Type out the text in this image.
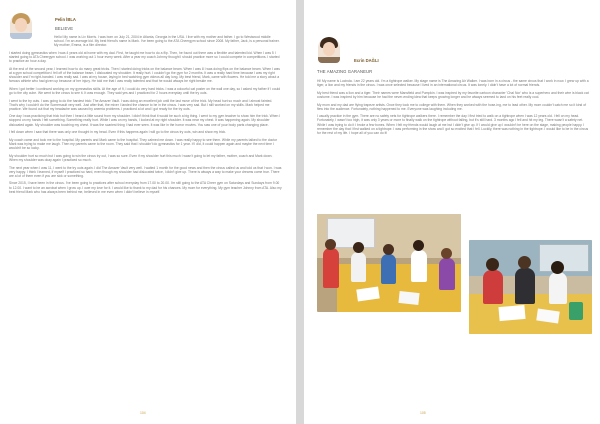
Pelin İBLA
BELIEVE

Hello! My name is Liv Morris. I was born on July 21, 2004 in Atlanta, Georgia in the USA. I live with my mother and father. I go to Westwood middle school. I'm an average kid. My best friend's name is Mark. I've been going to the ATA Cheergym school since 2008. My father, Jack, is a personal trainer. My mother, Emma, is a film director.

I started doing gymnastics when I was 4 years old at home with my dad. First, he taught me how to do a flip. Then, he found out there was a flexible and talented kid. When I was 5 I started going to ATA Cheergym school. I was working out 1 hour every week. After a year my coach Johnny thought I should practice more so I could compete in competitions. I started to practice an hour a day.

At the end of the second year, I learned how to do many great tricks. Then I started doing tricks on the balance beam. When I was 8 I was doing flips on the balance beam. When I was at a gym school competition I fell off of the balance beam. I dislocated my shoulder. It really hurt. I couldn't go the gym for 2 months. It was a really hard time because I was my right shoulder and I'm right-handed. I was really sad. I was at my house, laying in bed watching gym videos all day long. My best friend, Mark, came with flowers. He told me a story about a famous athlete who had given up because of her injury. He told me that I was really talented and that he would always be right beside me.

When I got better I continued working on my gymnastics skills. At the age of 9, I could do very hard tricks. I was a colourful cat poster on the wall one day, so I asked my father if I could go to the city cube. We went to the circus to see it. It was enough. They said yes and I practiced for 2 hours everyday until the try outs.

I went to the try outs. I was going to do the hardest trick: The Amazer Vault. I was doing an excellent job until the last move of the trick. My head hurt so much and I almost fainted. That's why I couldn't do the Somersault very well. Just after that, the mixer I landed the chance to be in the circus. I was very sad. But I still worked on my skills. Mark helped me practice. We found out that my headache was caused by anemia problems. I practiced a lot and I got ready for the try outs.

One day I was practicing that trick but then I heard a little sound from my shoulder. I didn't think that it would be such a big thing. I went to my gym teacher to show him the trick. When I stopped on my hands I felt something. Something really hurt. While I was on my hands, I looked at my right shoulder. It was near my chest. It was happening again. My shoulder dislocated again. My shoulder was touching my chest. It was the scariest thing I had ever seen. It was like in the horror movies. You saw one of your body parts changing place.

I fell down when I saw that there was only one thought in my head. Even if this happens again I will go to the circus try outs, win and show my trick.

My coach came and took me to the hospital. My parents and Mark came to the hospital. They calmed me down. I was really happy to see them. While my parents talked to the doctor Mark was trying to make me laugh. Then my parents came to the room. They said that I shouldn't do gymnastics for 1 year. If I did, it could happen again and maybe the next time I wouldn't be so lucky.

My shoulder hurt so much but I was going to win the circus try out, I was so sure. Even if my shoulder hurt this much I wasn't going to let my father, mother, coach and Mark down. When my shoulder was okay again I practiced so much.

The next year when I was 11, I went to the try outs again. I did The Amazer Vault very well. I waited 1 month for the good news and then the circus called us and told us that I won. I was very happy. I think I learned, if myself I practiced so hard, even though my shoulder had dislocated twice, I didn't give up. There is always a way to make your dreams come true. There are a lot of them even if you are sick or something.

Since 2015, I have been in the circus. I've been going to practices after school everyday from 17.00 to 20.00. I'm still going to the ATA Cheer gym on Saturdays and Sundays from 9.00 to 12.00. I want to be an acrobat when I grow up. I owe my love for it. I would like to thank to my dad for his chances. My mom for everything. My gym teacher Johnny from ATA. Also my best friend Mark who has always been behind me, believed in me even when I didn't believe in myself.

104
Ecrin DAĞLI
THE AMAZING GARANEUR

Hi! My name is Lucinda. I am 22 years old. I'm a tightrope walker. My stage name is The Amazing Air Walker. I was born in a circus - the same circus that I work in now. I grew up with a tiger, a lion and my friends in the circus. I was once selected because I lived in an international circus. It was lonely. I didn't have a lot of normal friends.

My best friend was a lion and a tiger. Their names were Mansfield and Pumpkin. I was inspired by my favorite cartoon character 'Chal Nor' who is a superhero and their wire is black cat costume. I was inspired by him because he had the never-ending idea that keeps growing longer and he always seemed to land on his feet really cool.

My mom and my dad are flying trapeze artists. Once they took me to college with them. When they worked with the hose-ing, me to lead other. My mom couldn't catch me so it kind of flew into the audience. Fortunately, nothing happened to me. Everyone was laughing including me.

I usually practice in the gym. There are no safety nets for tightrope walkers there. I remember the day I first tried to walk on a tightrope when I was 12 years old. I fell on my head. Fortunately, I wasn't too high, it was only 3 years or more to finally walk on the tightrope without falling, but it's still hard. 3 months ago I fell and hit my leg. There wasn't a safety net. While I was trying to do it I broke a few bones. When I felt my friends would laugh at me but I didn't give up. If I would give up I wouldn't be here on the stage, making people happy. I remember the day that I first walked on a tightrope. I was performing in the show and I got so excited that I fell. Luckily, there was nothing in the tightrope. I would like to be in the circus for the rest of my life. I hope all of you can do it!

105
